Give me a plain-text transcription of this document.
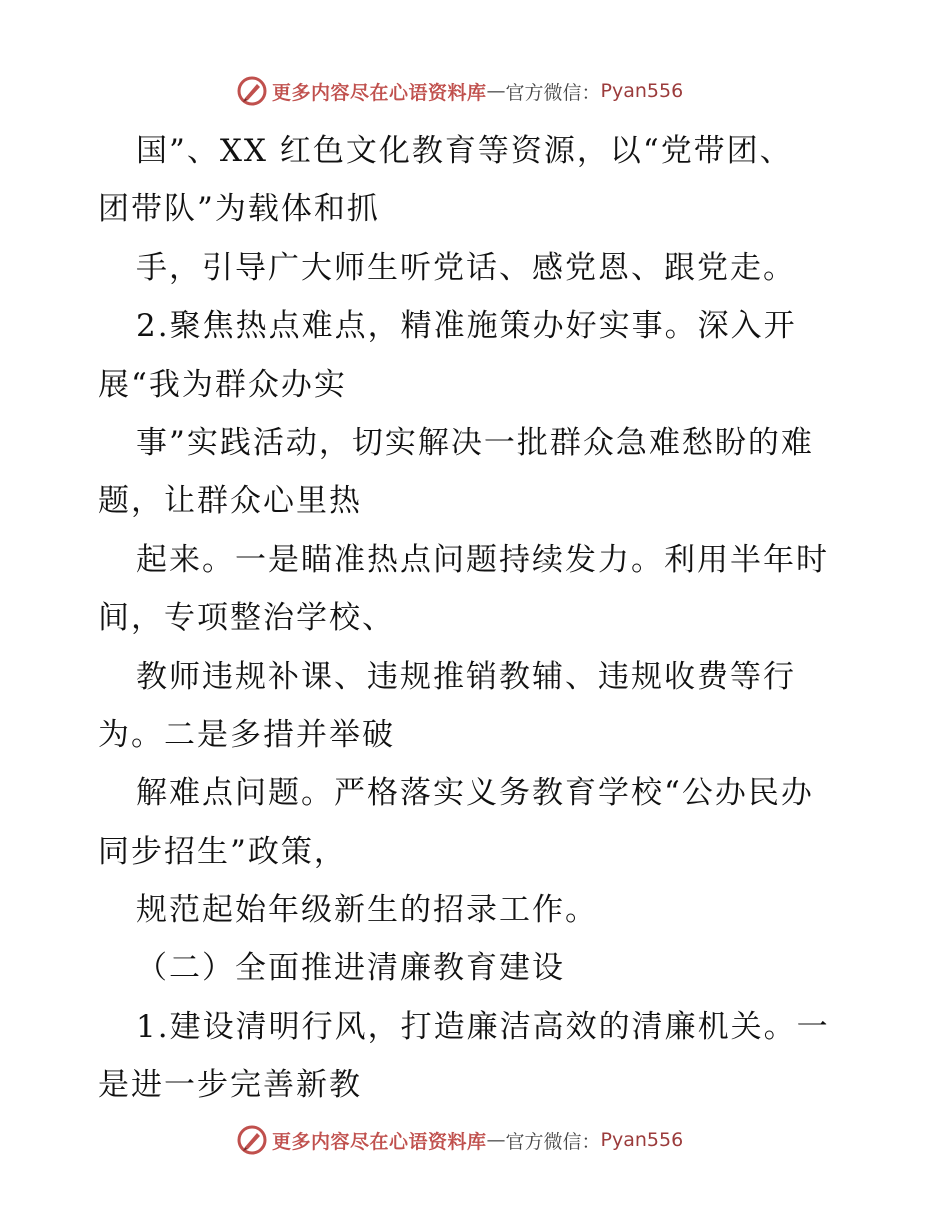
更多内容尽在心语资料库 — 官方微信： Pyan556
国”、XX 红色文化教育等资源，以“党带团、
团带队”为载体和抓
手，引导广大师生听党话、感党恩、跟党走。
2.聚焦热点难点，精准施策办好实事。深入开
展“我为群众办实
事”实践活动，切实解决一批群众急难愁盼的难
题，让群众心里热
起来。一是瞄准热点问题持续发力。利用半年时
间，专项整治学校、
教师违规补课、违规推销教辅、违规收费等行
为。二是多措并举破
解难点问题。严格落实义务教育学校“公办民办
同步招生”政策，
规范起始年级新生的招录工作。
（二）全面推进清廉教育建设
1.建设清明行风，打造廉洁高效的清廉机关。一
是进一步完善新教
更多内容尽在心语资料库 — 官方微信： Pyan556
